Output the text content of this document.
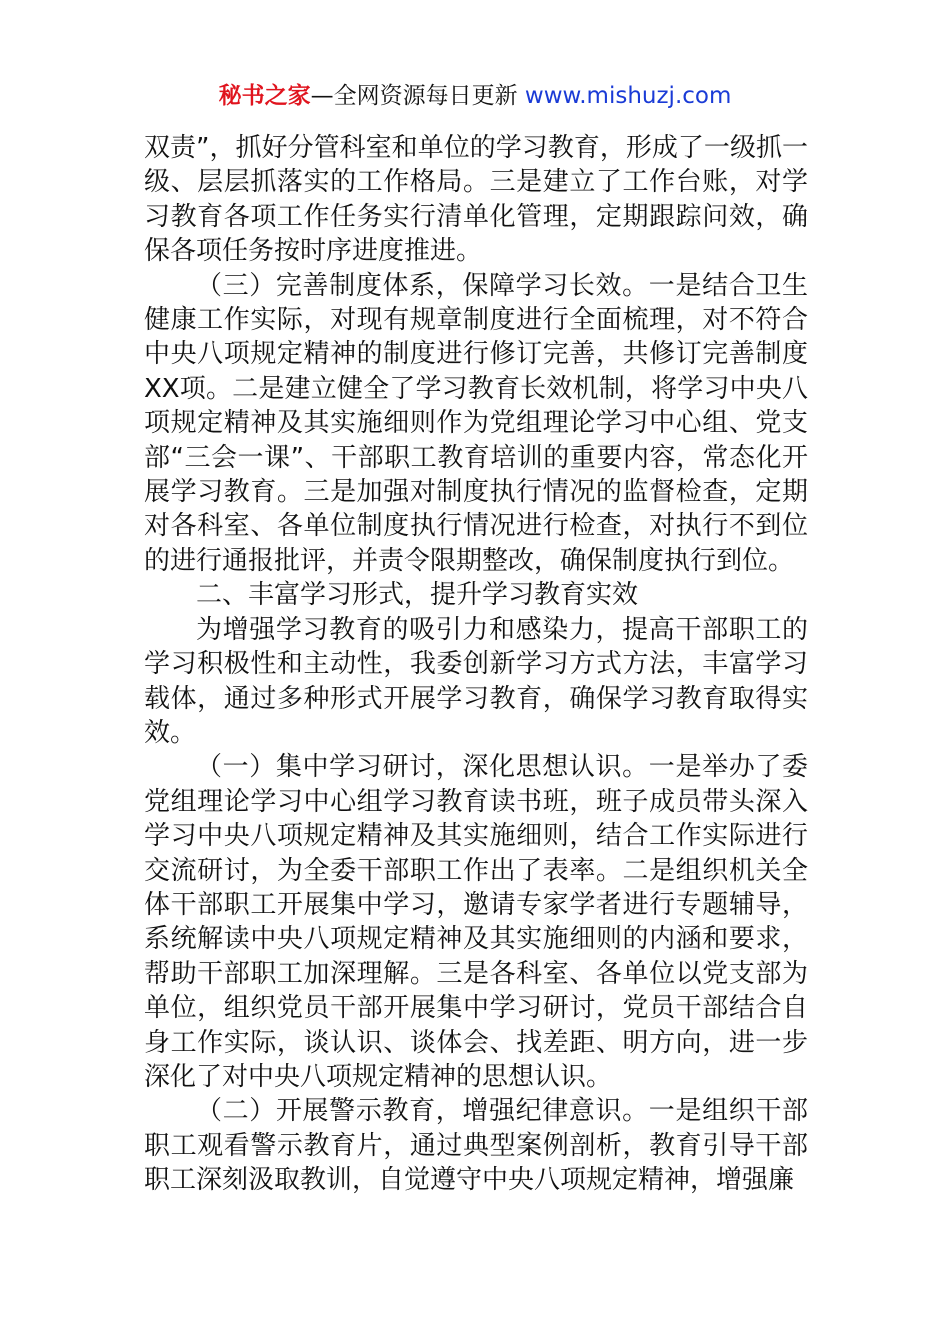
秘书之家—全网资源每日更新 www.mishuzj.com

双责”，抓好分管科室和单位的学习教育，形成了一级抓一级、层层抓落实的工作格局。三是建立了工作台账，对学习教育各项工作任务实行清单化管理，定期跟踪问效，确保各项任务按时序进度推进。

（三）完善制度体系，保障学习长效。一是结合卫生健康工作实际，对现有规章制度进行全面梳理，对不符合中央八项规定精神的制度进行修订完善，共修订完善制度XX项。二是建立健全了学习教育长效机制，将学习中央八项规定精神及其实施细则作为党组理论学习中心组、党支部“三会一课”、干部职工教育培训的重要内容，常态化开展学习教育。三是加强对制度执行情况的监督检查，定期对各科室、各单位制度执行情况进行检查，对执行不到位的进行通报批评，并责令限期整改，确保制度执行到位。

二、丰富学习形式，提升学习教育实效

为增强学习教育的吸引力和感染力，提高干部职工的学习积极性和主动性，我委创新学习方式方法，丰富学习载体，通过多种形式开展学习教育，确保学习教育取得实效。

（一）集中学习研讨，深化思想认识。一是举办了委党组理论学习中心组学习教育读书班，班子成员带头深入学习中央八项规定精神及其实施细则，结合工作实际进行交流研讨，为全委干部职工作出了表率。二是组织机关全体干部职工开展集中学习，邀请专家学者进行专题辅导，系统解读中央八项规定精神及其实施细则的内涵和要求，帮助干部职工加深理解。三是各科室、各单位以党支部为单位，组织党员干部开展集中学习研讨，党员干部结合自身工作实际，谈认识、谈体会、找差距、明方向，进一步深化了对中央八项规定精神的思想认识。

（二）开展警示教育，增强纪律意识。一是组织干部职工观看警示教育片，通过典型案例剖析，教育引导干部职工深刻汲取教训，自觉遵守中央八项规定精神，增强廉
